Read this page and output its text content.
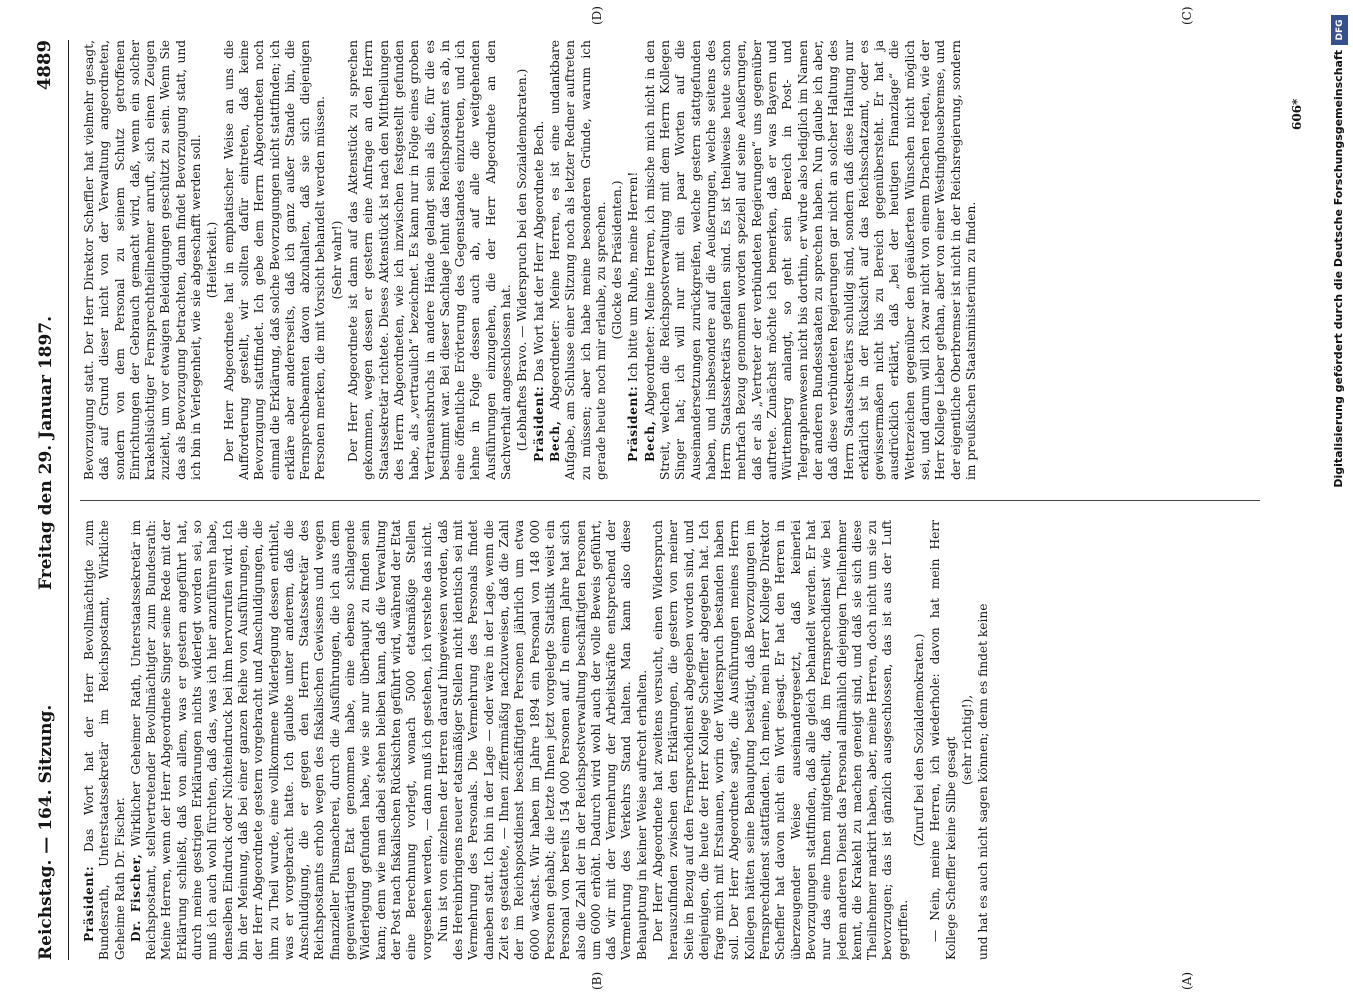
Reichstag. — 164. Sitzung.
Freitag den 29. Januar 1897.
4889
(A)
(B)
(C)
(D)

Präsident: Das Wort hat der Herr Bevollmächtigte zum Bundesrath, Unterstaatssekretär im Reichspostamt, Wirkliche Geheime Rath Dr. Fischer. Dr. Fischer, Wirklicher Geheimer Rath, Unterstaatssekretär im Reichspostamt, stellvertretender Bevollmächtigter zum Bundesrath: Meine Herren, wenn der Herr Abgeordnete Singer seine Rede mit der Erklärung schließt, daß von allem, was er gestern angeführt hat, durch meine gestrigen Erklärungen nichts widerlegt worden sei, so muß ich auch wohl fürchten, daß das, was ich hier anzuführen habe, denselben Eindruck oder Nichteindruck bei ihm hervorrufen wird. Ich bin der Meinung, daß bei einer ganzen Reihe von Ausführungen, die der Herr Abgeordnete gestern vorgebracht und Anschuldigungen, die ihm zu Theil wurde, eine vollkommene Widerlegung dessen enthielt, was er vorgebracht hatte. Ich glaubte unter anderem, daß die Anschuldigung, die er gegen den Herrn Staatssekretär des Reichspostamts erhob wegen des fiskalischen Gewissens und wegen finanzieller Plusmacherei, durch die Ausführungen, die ich aus dem gegenwärtigen Etat genommen habe, eine ebenso schlagende Widerlegung gefunden habe, wie sie nur überhaupt zu finden sein kann; denn wie man dabei stehen bleiben kann, daß die Verwaltung der Post nach fiskalischen Rücksichten geführt wird, während der Etat eine Berechnung vorlegt, wonach 5000 etatsmäßige Stellen vorgesehen werden, — dann muß ich gestehen, ich verstehe das nicht. Nun ist von einzelnen der Herren darauf hingewiesen worden, daß des Hereinbringens neuer etatsmäßiger Stellen nicht identisch sei mit Vermehrung des Personals. Die Vermehrung des Personals findet daneben statt. Ich bin in der Lage — oder wäre in der Lage, wenn die Zeit es gestattete, — Ihnen ziffernmäßig nachzuweisen, daß die Zahl der im Reichspostdienst beschäftigten Personen jährlich um etwa 6000 wächst. Wir haben im Jahre 1894 ein Personal von 148 000 Personen gehabt; die letzte Ihnen jetzt vorgelegte Statistik weist ein Personal von bereits 154 000 Personen auf. In einem Jahre hat sich also die Zahl der in der Reichspostverwaltung beschäftigten Personen um 6000 erhöht. Dadurch wird wohl auch der volle Beweis geführt, daß wir mit der Vermehrung der Arbeitskräfte entsprechend der Vermehrung des Verkehrs Stand halten. Man kann also diese Behauptung in keiner Weise aufrecht erhalten. Der Herr Abgeordnete hat zweitens versucht, einen Widerspruch herauszufinden zwischen den Erklärungen, die gestern von meiner Seite in Bezug auf den Fernsprechdienst abgegeben worden sind, und denjenigen, die heute der Herr Kollege Scheffler abgegeben hat. Ich frage mich mit Erstaunen, worin der Widerspruch bestanden haben soll. Der Herr Abgeordnete sagte, die Ausführungen meines Herrn Kollegen hätten seine Behauptung bestätigt, daß Bevorzugungen im Fernsprechdienst stattfänden. Ich meine, mein Herr Kollege Direktor Scheffler hat davon nicht ein Wort gesagt. Er hat den Herren in überzeugender Weise auseinandergesetzt, daß keinerlei Bevorzugungen stattfinden, daß alle gleich behandelt werden. Er hat nur das eine Ihnen mitgetheilt, daß im Fernsprechdienst wie bei jedem anderen Dienst das Personal allmählich diejenigen Theilnehmer kennt, die Krakehl zu machen geneigt sind, und daß sie sich diese Theilnehmer markirt haben, aber, meine Herren, doch nicht um sie zu bevorzugen; das ist gänzlich ausgeschlossen, das ist aus der Luft gegriffen.

(Zuruf bei den Sozialdemokraten.) — Nein, meine Herren, ich wiederhole: davon hat mein Herr Kollege Scheffler keine Silbe gesagt (sehr richtig!), und hat es auch nicht sagen können; denn es findet keine

Bevorzugung statt. Der Herr Direktor Scheffler hat vielmehr gesagt, daß auf Grund dieser nicht von der Verwaltung angeordneten, sondern von dem Personal zu seinem Schutz getroffenen Einrichtungen der Gebrauch gemacht wird, daß, wenn ein solcher krakehlsüchtiger Fernsprechtheilnehmer anruft, sich einen Zeugen zuzieht, um vor etwaigen Beleidigungen geschützt zu sein. Wenn Sie das als Bevorzugung betrachten, dann findet Bevorzugung statt, und ich bin in Verlegenheit, wie sie abgeschafft werden soll. (Heiterkeit.) Der Herr Abgeordnete hat in emphatischer Weise an uns die Aufforderung gestellt, wir sollten dafür eintreten, daß keine Bevorzugung stattfindet. Ich gebe dem Herrn Abgeordneten noch einmal die Erklärung, daß solche Bevorzugungen nicht stattfinden; ich erkläre aber andererseits, daß ich ganz außer Stande bin, die Fernsprechbeamten davon abzuhalten, daß sie sich diejenigen Personen merken, die mit Vorsicht behandelt werden müssen. (Sehr wahr!) Der Herr Abgeordnete ist dann auf das Aktenstück zu sprechen gekommen, wegen dessen er gestern eine Anfrage an den Herrn Staatssekretär richtete. Dieses Aktenstück ist nach den Mittheilungen des Herrn Abgeordneten, wie ich inzwischen festgestellt gefunden habe, als „vertraulich“ bezeichnet. Es kann nur in Folge eines groben Vertrauensbruchs in andere Hände gelangt sein als die, für die es bestimmt war. Bei dieser Sachlage lehnt das Reichspostamt es ab, in eine öffentliche Erörterung des Gegenstandes einzutreten, und ich lehne in Folge dessen auch ab, auf alle die weitgehenden Ausführungen einzugehen, die der Herr Abgeordnete an den Sachverhalt angeschlossen hat. (Lebhaftes Bravo. — Widerspruch bei den Sozialdemokraten.) Präsident: Das Wort hat der Herr Abgeordnete Bech.

Bech, Abgeordneter: Meine Herren, es ist eine undankbare Aufgabe, am Schlusse einer Sitzung noch als letzter Redner auftreten zu müssen; aber ich habe meine besonderen Gründe, warum ich gerade heute noch mir erlaube, zu sprechen. (Glocke des Präsidenten.)

Präsident: Ich bitte um Ruhe, meine Herren!

Bech, Abgeordneter: Meine Herren, ich mische mich nicht in den Streit, welchen die Reichspostverwaltung mit dem Herrn Kollegen Singer hat; ich will nur mit ein paar Worten auf die Auseinandersetzungen zurückgreifen, welche gestern stattgefunden haben, und insbesondere auf die Aeußerungen, welche seitens des Herrn Staatssekretärs gefallen sind. Es ist theilweise heute schon mehrfach Bezug genommen worden speziell auf seine Aeußerungen, daß er als „Vertreter der verbündeten Regierungen“ uns gegenüber auftrete. Zunächst möchte ich bemerken, daß er was Bayern und Württemberg anlangt, so geht sein Bereich in Post- und Telegraphenwesen nicht bis dorthin, er würde also lediglich im Namen der anderen Bundesstaaten zu sprechen haben. Nun glaube ich aber, daß diese verbündeten Regierungen gar nicht an solcher Haltung des Herrn Staatssekretärs schuldig sind, sondern daß diese Haltung nur erklärlich ist in der Rücksicht auf das Reichsschatzamt, oder es gewissermaßen nicht bis zu Bereich gegenübersteht. Er hat ja ausdrücklich erklärt, daß „bei der heutigen Finanzlage“ die Wetterzeichen gegenüber den geäußerten Wünschen nicht möglich sei, und darum will ich zwar nicht von einem Drachen reden, wie der Herr Kollege Lieber gethan, aber von einer Westinghousebremse, und der eigentliche Oberbremser ist nicht in der Reichsregierung, sondern im preußischen Staatsministerium zu finden.

606*	Digitalisierung gefördert durch die Deutsche Forschungsgemeinschaft
DFG
